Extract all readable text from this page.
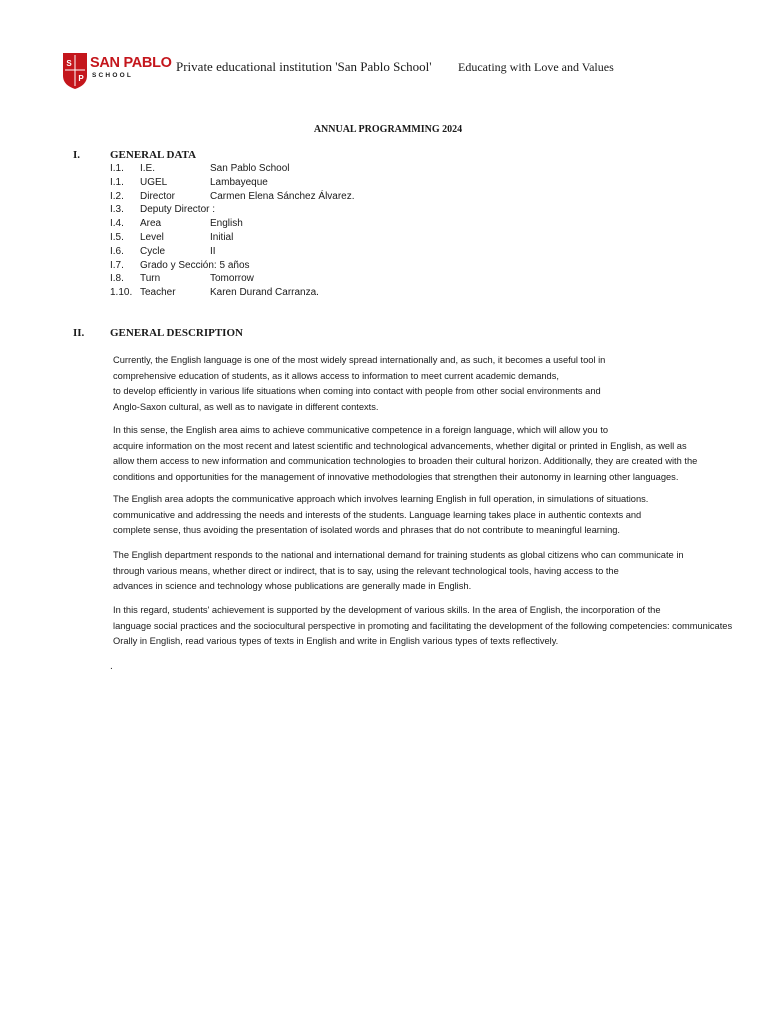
S
P
SAN PABLO
SCHOOL
Private educational institution 'San Pablo School' Educating with Love and Values
ANNUAL PROGRAMMING 2024
I.	GENERAL DATA
I.1. I.E.	San Pablo School
I.1. UGEL	Lambayeque
I.2. Director	Carmen Elena Sánchez Álvarez.
I.3. Deputy Director :
I.4. Area	English
I.5. Level	Initial
I.6. Cycle	II
I.7. Grado y Sección: 5 años
I.8. Turn	Tomorrow
1.10. Teacher	Karen Durand Carranza.
II. GENERAL DESCRIPTION
Currently, the English language is one of the most widely spread internationally and, as such, it becomes a useful tool in
comprehensive education of students, as it allows access to information to meet current academic demands,
to develop efficiently in various life situations when coming into contact with people from other social environments and
Anglo-Saxon cultural, as well as to navigate in different contexts.
In this sense, the English area aims to achieve communicative competence in a foreign language, which will allow you to
acquire information on the most recent and latest scientific and technological advancements, whether digital or printed in English, as well as
allow them access to new information and communication technologies to broaden their cultural horizon. Additionally, they are created with the
conditions and opportunities for the management of innovative methodologies that strengthen their autonomy in learning other languages.
The English area adopts the communicative approach which involves learning English in full operation, in simulations of situations.
communicative and addressing the needs and interests of the students. Language learning takes place in authentic contexts and
complete sense, thus avoiding the presentation of isolated words and phrases that do not contribute to meaningful learning.
The English department responds to the national and international demand for training students as global citizens who can communicate in
through various means, whether direct or indirect, that is to say, using the relevant technological tools, having access to the
advances in science and technology whose publications are generally made in English.
In this regard, students' achievement is supported by the development of various skills. In the area of English, the incorporation of the
language social practices and the sociocultural perspective in promoting and facilitating the development of the following competencies: communicates
Orally in English, read various types of texts in English and write in English various types of texts reflectively.
.
